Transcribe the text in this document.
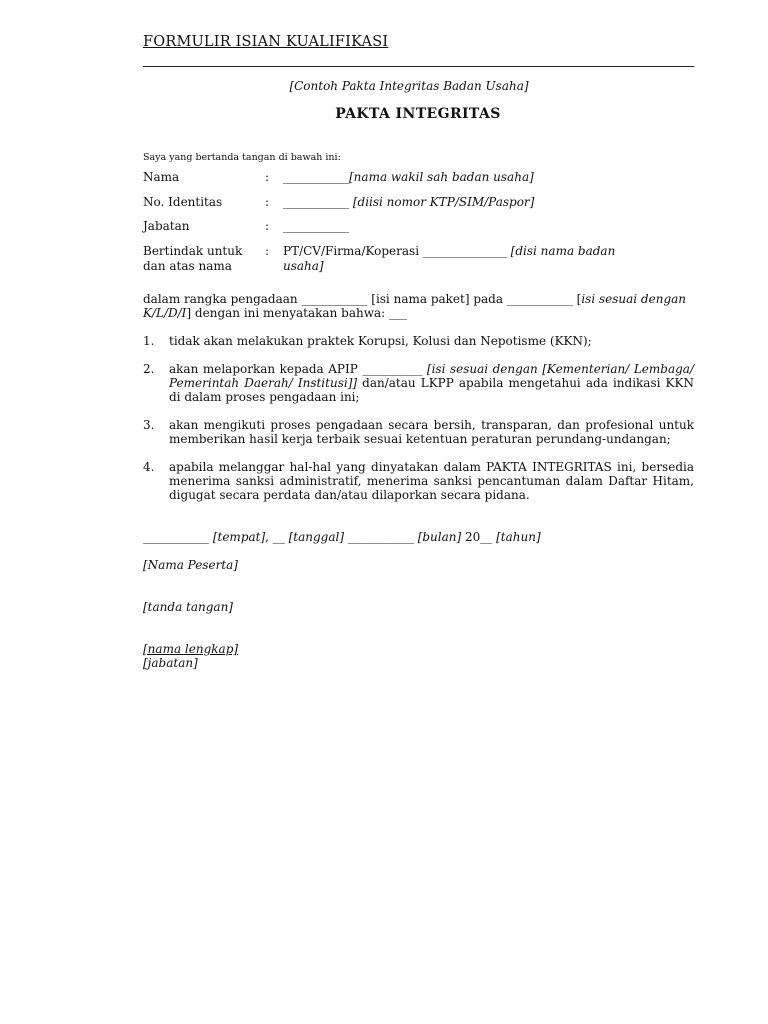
FORMULIR ISIAN KUALIFIKASI
[Contoh Pakta Integritas Badan Usaha]
PAKTA INTEGRITAS
Saya yang bertanda tangan di bawah ini:
Nama	: ___________[nama wakil sah badan usaha]
No. Identitas	: ___________ [diisi nomor KTP/SIM/Paspor]
Jabatan	: ___________
Bertindak untuk dan atas nama
: PT/CV/Firma/Koperasi ______________ [disi nama badan usaha]
dalam rangka pengadaan ___________ [isi nama paket] pada ___________ [isi sesuai dengan K/L/D/I] dengan ini menyatakan bahwa: ___
1. tidak akan melakukan praktek Korupsi, Kolusi dan Nepotisme (KKN);
2. akan melaporkan kepada APIP __________ [isi sesuai dengan [Kementerian/ Lembaga/ Pemerintah Daerah/ Institusi]] dan/atau LKPP apabila mengetahui ada indikasi KKN di dalam proses pengadaan ini;
3. akan mengikuti proses pengadaan secara bersih, transparan, dan profesional untuk memberikan hasil kerja terbaik sesuai ketentuan peraturan perundang-undangan;
4. apabila melanggar hal-hal yang dinyatakan dalam PAKTA INTEGRITAS ini, bersedia menerima sanksi administratif, menerima sanksi pencantuman dalam Daftar Hitam, digugat secara perdata dan/atau dilaporkan secara pidana.
___________ [tempat], __ [tanggal] ___________ [bulan] 20__ [tahun]
[Nama Peserta]
[tanda tangan]
[nama lengkap]
[jabatan]
